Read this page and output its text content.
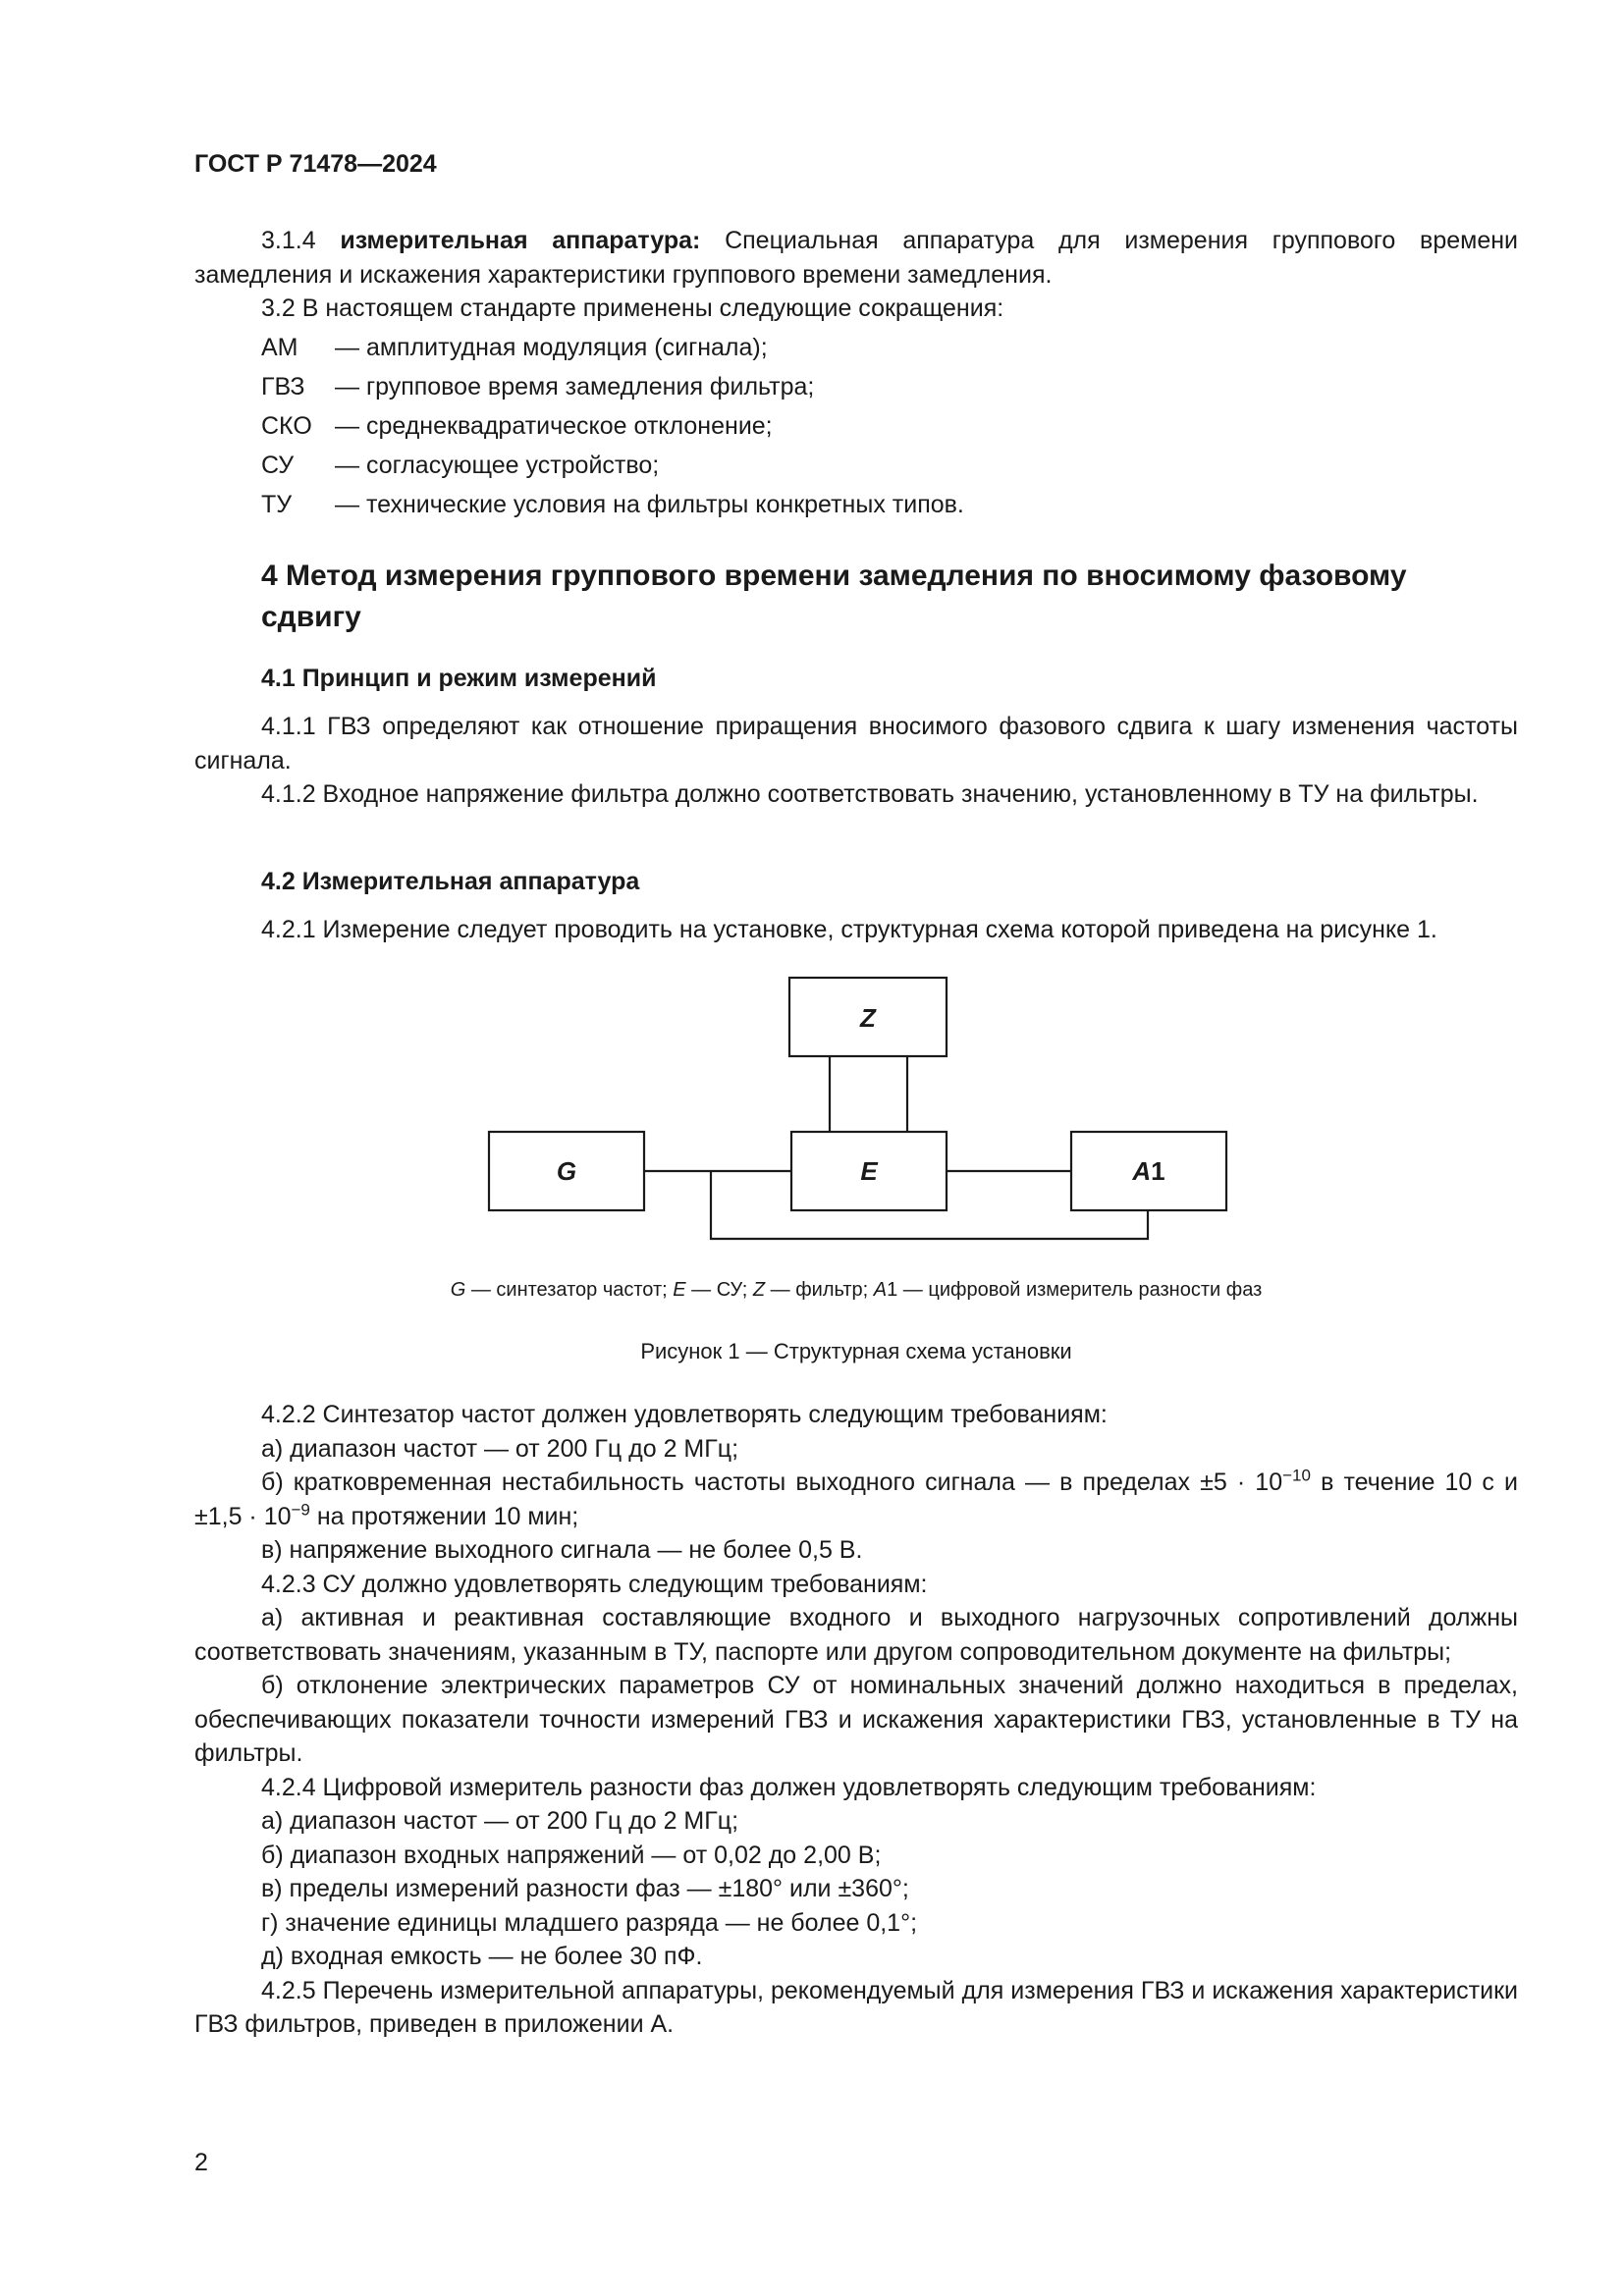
ГОСТ Р 71478—2024

3.1.4 измерительная аппаратура: Специальная аппаратура для измерения группового времени замедления и искажения характеристики группового времени замедления.

3.2 В настоящем стандарте применены следующие сокращения:

АМ	— амплитудная модуляция (сигнала);
ГВЗ	— групповое время замедления фильтра;
СКО — среднеквадратическое отклонение;
СУ	— согласующее устройство;
ТУ	— технические условия на фильтры конкретных типов.
4 Метод измерения группового времени замедления по вносимому фазовому сдвигу
4.1 Принцип и режим измерений

4.1.1 ГВЗ определяют как отношение приращения вносимого фазового сдвига к шагу изменения частоты сигнала.

4.1.2 Входное напряжение фильтра должно соответствовать значению, установленному в ТУ на фильтры.

4.2 Измерительная аппаратура

4.2.1 Измерение следует проводить на установке, структурная схема которой приведена на рисунке 1.

Z
G	E	A1
G — синтезатор частот; E — СУ; Z — фильтр; A1 — цифровой измеритель разности фаз
Рисунок 1 — Структурная схема установки

4.2.2 Синтезатор частот должен удовлетворять следующим требованиям:

а) диапазон частот — от 200 Гц до 2 МГц;

б) кратковременная нестабильность частоты выходного сигнала — в пределах $\pm 5 \cdot 10^{-10}$ в течение 10 с $и \pm 1,5 \cdot 10^{-9}$ на протяжении 10 мин;

в) напряжение выходного сигнала — не более 0,5 В.

4.2.3 СУ должно удовлетворять следующим требованиям:

а) активная и реактивная составляющие входного и выходного нагрузочных сопротивлений должны соответствовать значениям, указанным в ТУ, паспорте или другом сопроводительном документе на фильтры;

б) отклонение электрических параметров СУ от номинальных значений должно находиться в пределах, обеспечивающих показатели точности измерений ГВЗ и искажения характеристики ГВЗ, установленные в ТУ на фильтры.

4.2.4 Цифровой измеритель разности фаз должен удовлетворять следующим требованиям:

а) диапазон частот — от 200 Гц до 2 МГц;

б) диапазон входных напряжений — от 0,02 до 2,00 В;

в) пределы измерений разности фаз — ±180° или ±360°;

г) значение единицы младшего разряда — не более 0,1°;

д) входная емкость — не более 30 пФ.

4.2.5 Перечень измерительной аппаратуры, рекомендуемый для измерения ГВЗ и искажения характеристики ГВЗ фильтров, приведен в приложении А.

2
